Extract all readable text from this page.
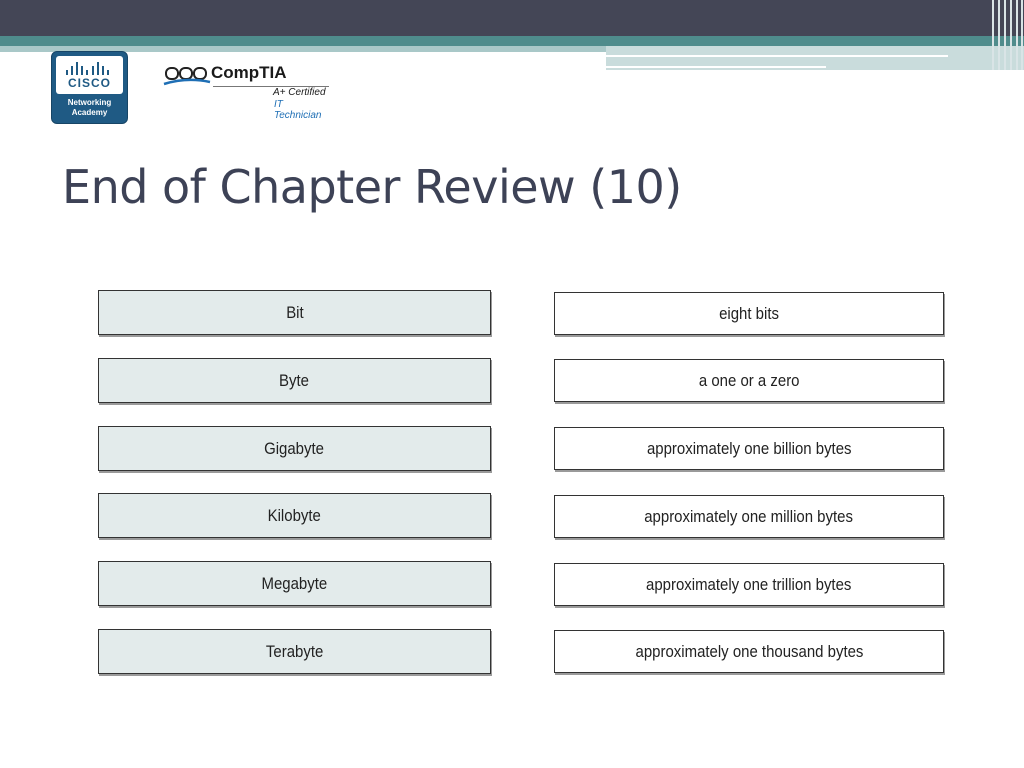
CISCO
Networking
Academy
CompTIA
A+ Certified
IT Technician
End of Chapter Review (10)
Bit
Byte
Gigabyte
Kilobyte
Megabyte
Terabyte
eight bits
a one or a zero
approximately one billion bytes
approximately one million bytes
approximately one trillion bytes
approximately one thousand bytes
